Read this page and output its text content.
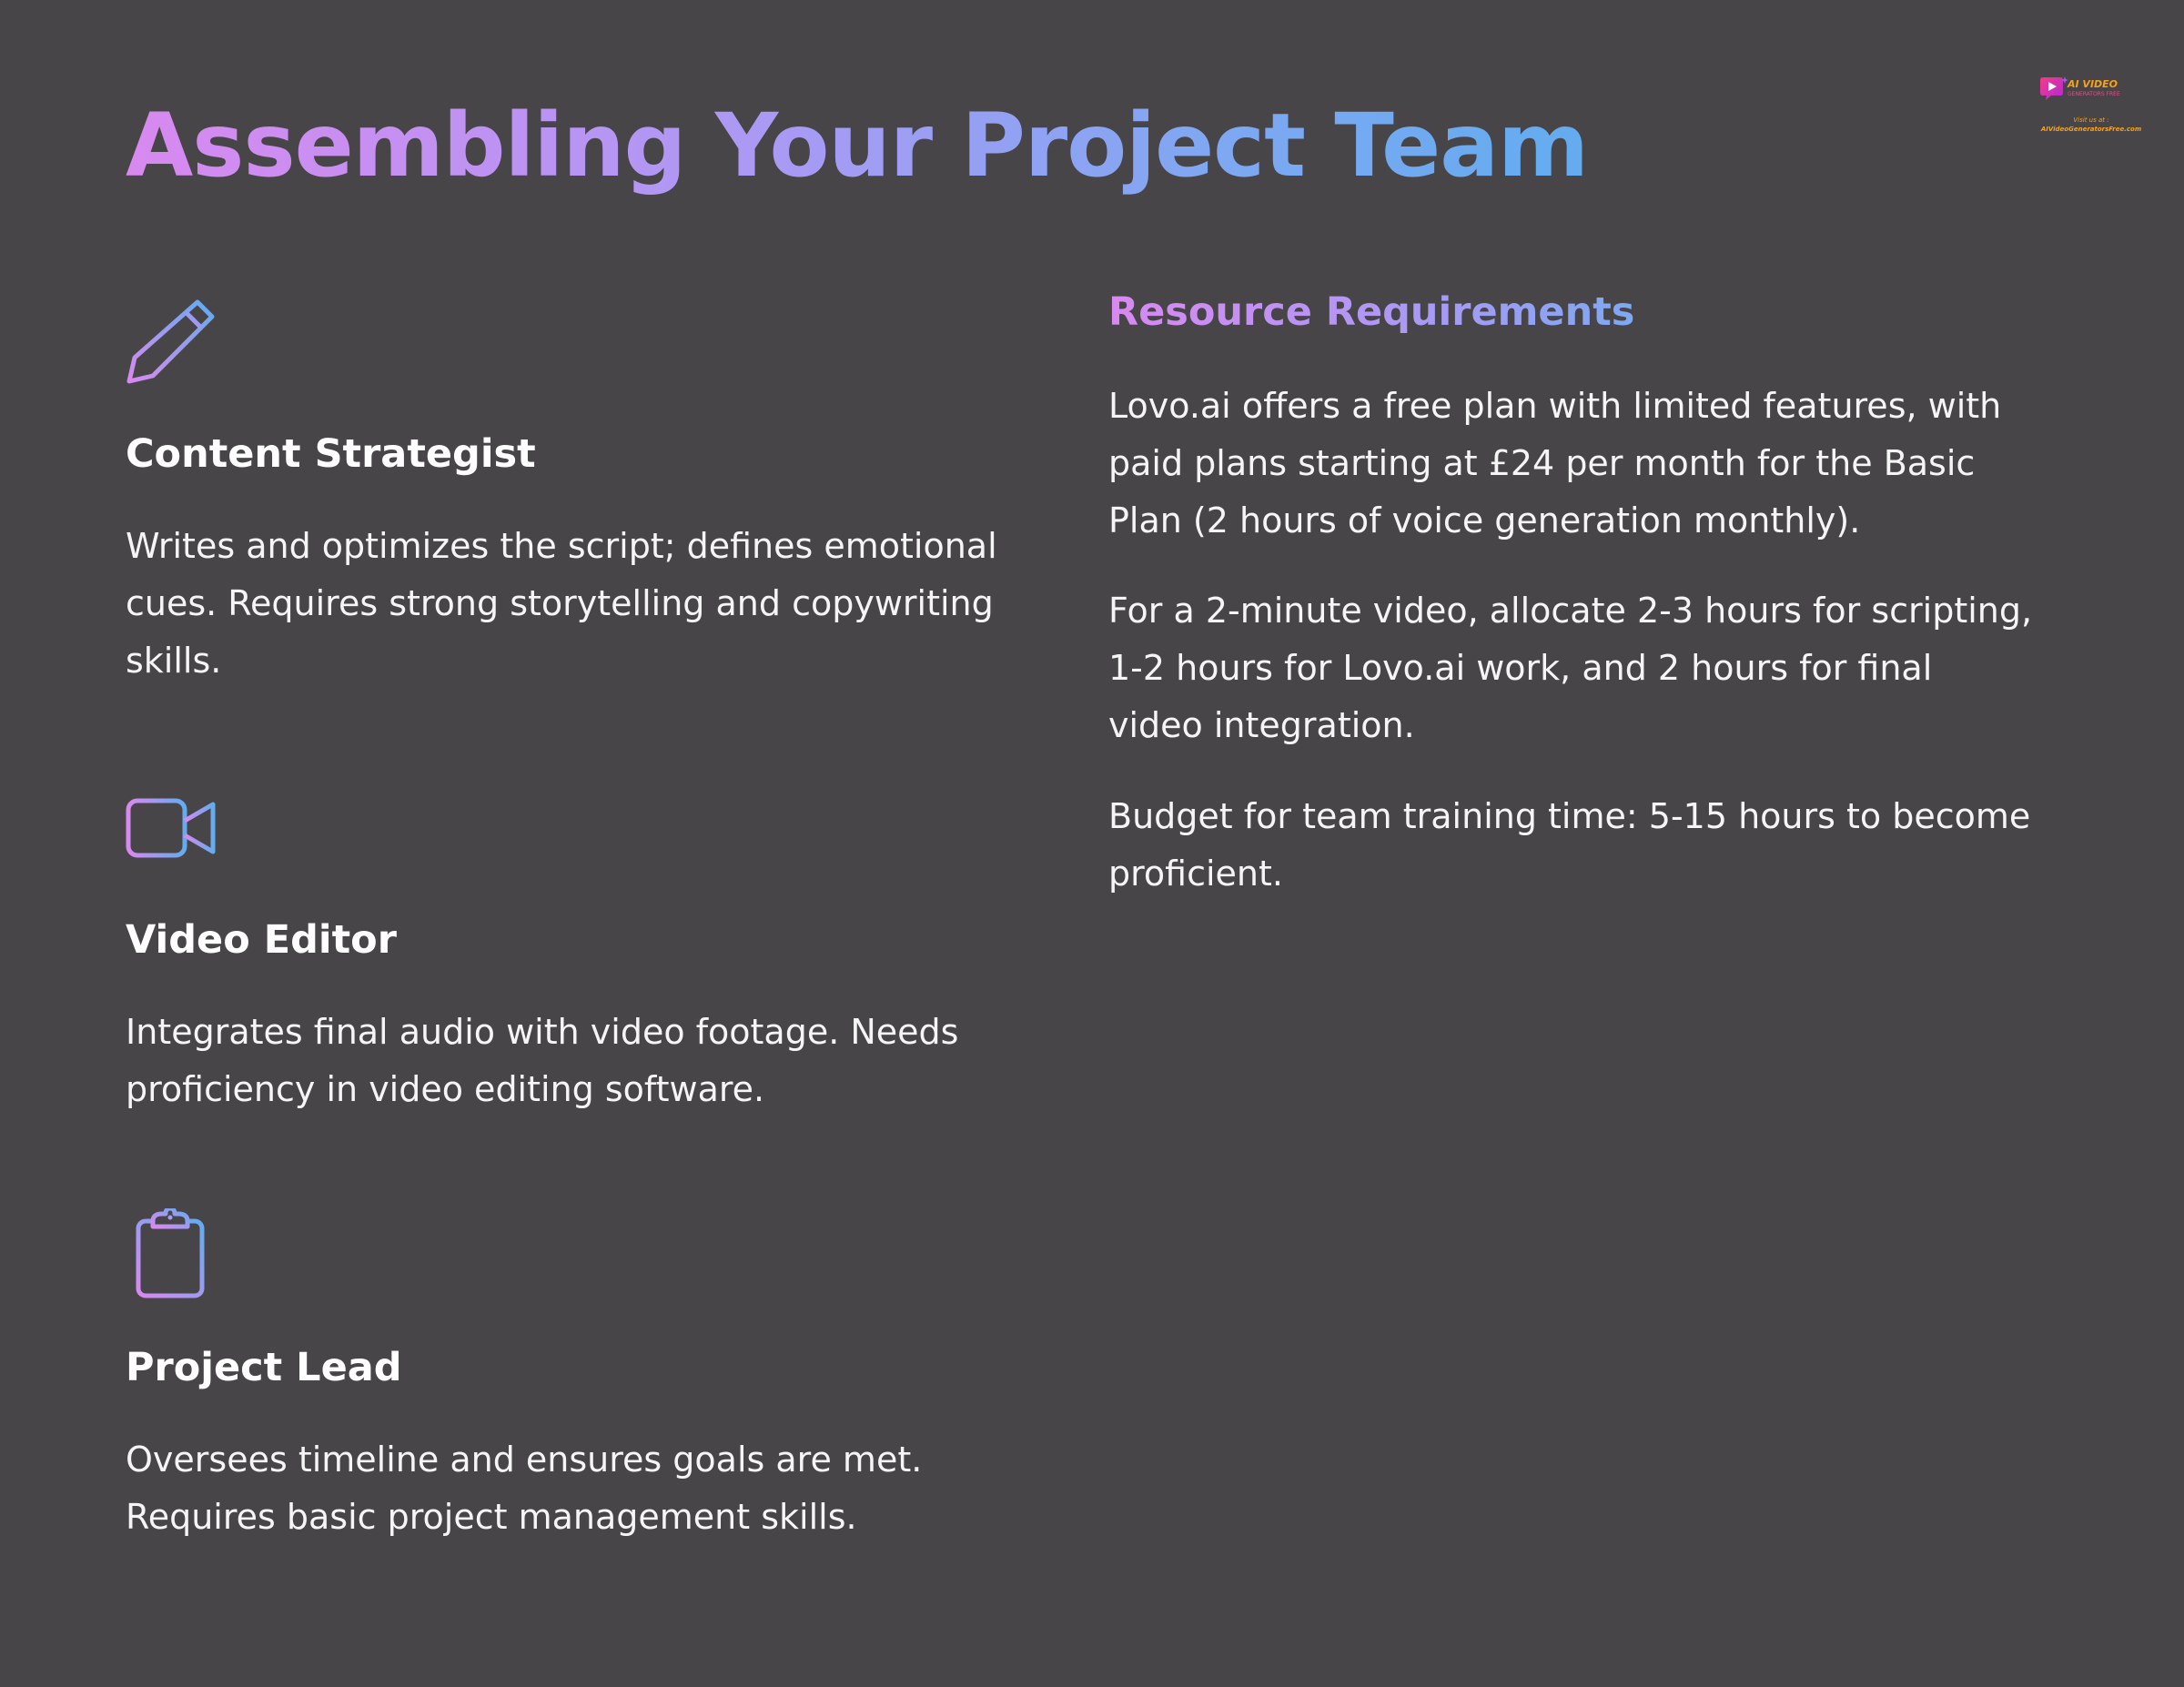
Assembling Your Project Team
AI VIDEO
GENERATORS FREE
Visit us at :
AIVideoGeneratorsFree.com
Content Strategist

Writes and optimizes the script; defines emotional cues. Requires strong storytelling and copywriting skills.

Video Editor

Integrates final audio with video footage. Needs proficiency in video editing software.

Project Lead

Oversees timeline and ensures goals are met. Requires basic project management skills.

Resource Requirements

Lovo.ai offers a free plan with limited features, with paid plans starting at £24 per month for the Basic Plan (2 hours of voice generation monthly).

For a 2-minute video, allocate 2-3 hours for scripting, 1-2 hours for Lovo.ai work, and 2 hours for final video integration.

Budget for team training time: 5-15 hours to become proficient.
